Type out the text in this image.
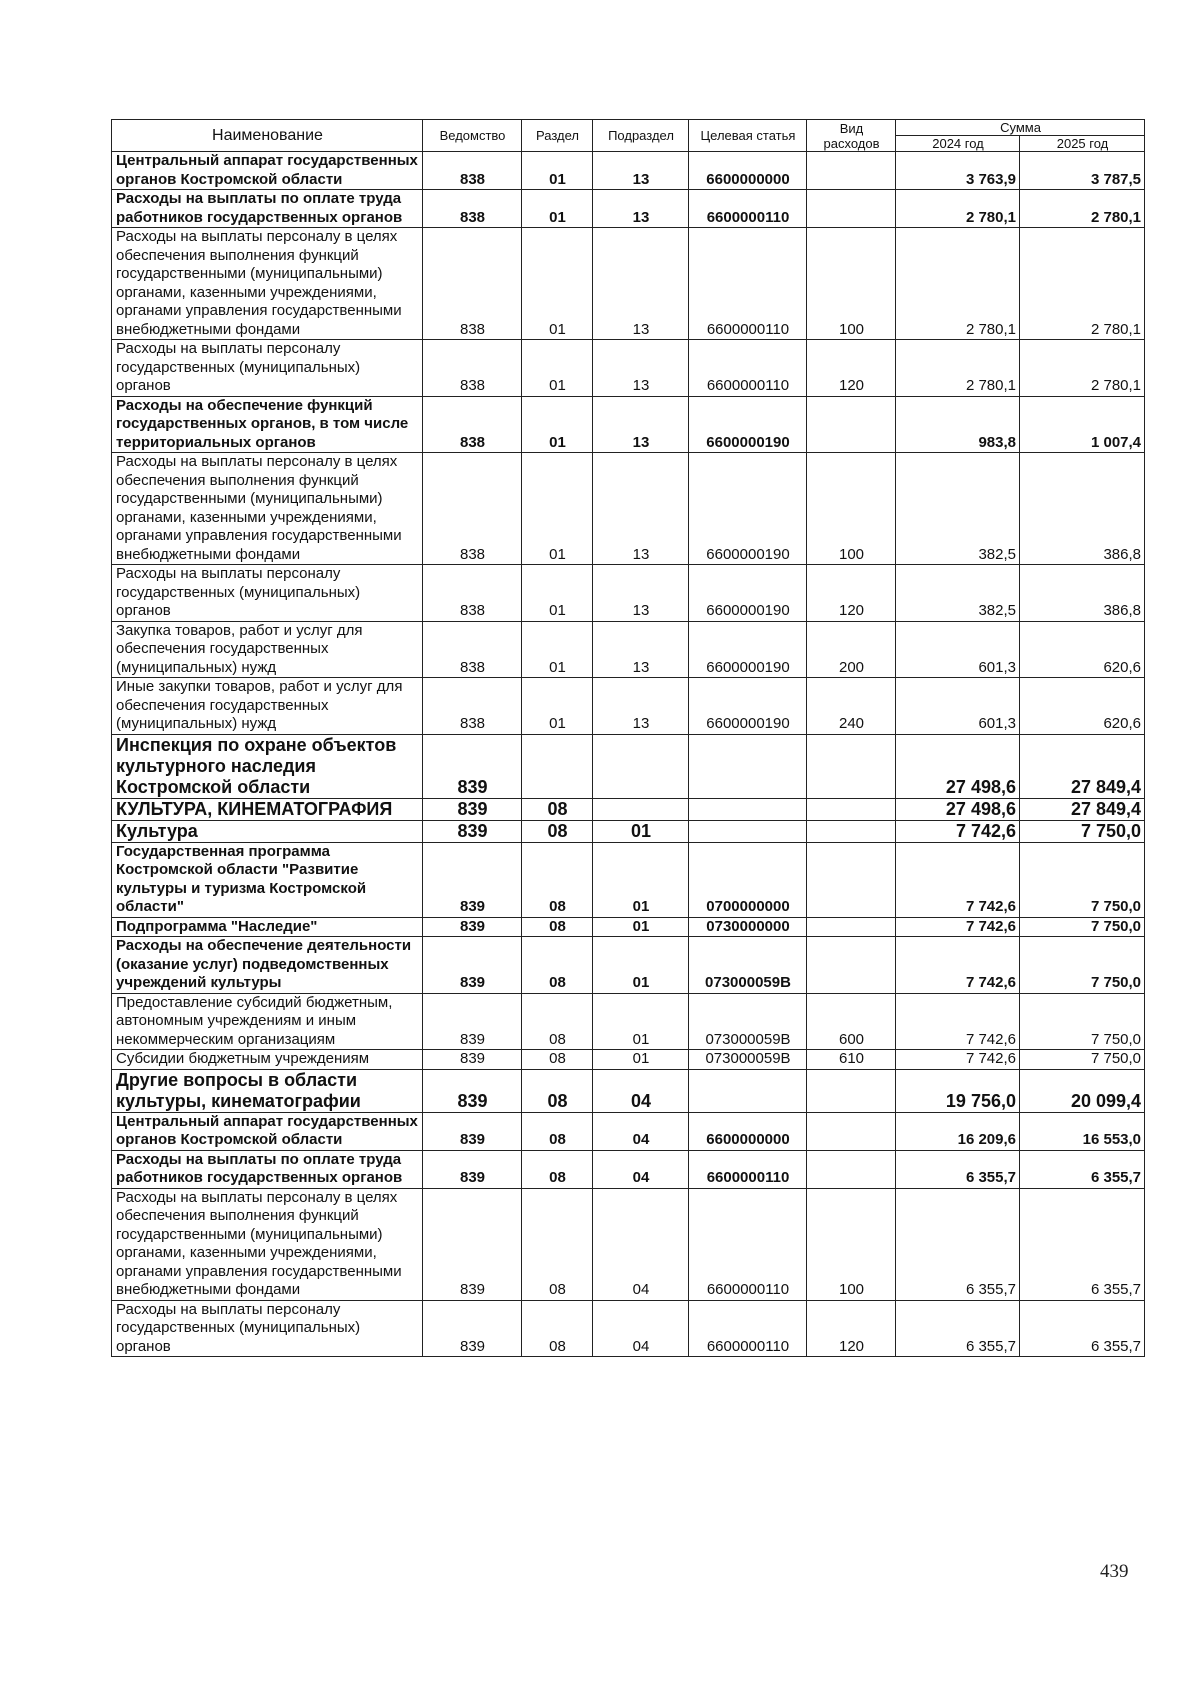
Наименование	Ведомство	Раздел	Подраздел	Целевая статья	Вид расходов	Сумма	
						2024 год	2025 год
Центральный аппарат государственных органов Костромской области	838	01	13	6600000000		3 763,9	3 787,5
Расходы на выплаты по оплате труда работников государственных органов	838	01	13	6600000110		2 780,1	2 780,1
Расходы на выплаты персоналу в целях обеспечения выполнения функций государственными (муниципальными) органами, казенными учреждениями, органами управления государственными внебюджетными фондами	838	01	13	6600000110	100	2 780,1	2 780,1
Расходы на выплаты персоналу государственных (муниципальных) органов	838	01	13	6600000110	120	2 780,1	2 780,1
Расходы на обеспечение функций государственных органов, в том числе территориальных органов	838	01	13	6600000190		983,8	1 007,4
Расходы на выплаты персоналу в целях обеспечения выполнения функций государственными (муниципальными) органами, казенными учреждениями, органами управления государственными внебюджетными фондами	838	01	13	6600000190	100	382,5	386,8
Расходы на выплаты персоналу государственных (муниципальных) органов	838	01	13	6600000190	120	382,5	386,8
Закупка товаров, работ и услуг для обеспечения государственных (муниципальных) нужд	838	01	13	6600000190	200	601,3	620,6
Иные закупки товаров, работ и услуг для обеспечения государственных (муниципальных) нужд	838	01	13	6600000190	240	601,3	620,6
Инспекция по охране объектов культурного наследия Костромской области	839					27 498,6	27 849,4
КУЛЬТУРА, КИНЕМАТОГРАФИЯ	839	08				27 498,6	27 849,4
Культура	839	08	01			7 742,6	7 750,0
Государственная программа Костромской области "Развитие культуры и туризма Костромской области"	839	08	01	0700000000		7 742,6	7 750,0
Подпрограмма "Наследие"	839	08	01	0730000000		7 742,6	7 750,0
Расходы на обеспечение деятельности (оказание услуг) подведомственных учреждений культуры	839	08	01	073000059В		7 742,6	7 750,0
Предоставление субсидий бюджетным, автономным учреждениям и иным некоммерческим организациям	839	08	01	073000059В	600	7 742,6	7 750,0
Субсидии бюджетным учреждениям	839	08	01	073000059В	610	7 742,6	7 750,0
Другие вопросы в области культуры, кинематографии	839	08	04			19 756,0	20 099,4
Центральный аппарат государственных органов Костромской области	839	08	04	6600000000		16 209,6	16 553,0
Расходы на выплаты по оплате труда работников государственных органов	839	08	04	6600000110		6 355,7	6 355,7
Расходы на выплаты персоналу в целях обеспечения выполнения функций государственными (муниципальными) органами, казенными учреждениями, органами управления государственными внебюджетными фондами	839	08	04	6600000110	100	6 355,7	6 355,7
Расходы на выплаты персоналу государственных (муниципальных) органов	839	08	04	6600000110	120	6 355,7	6 355,7
439
